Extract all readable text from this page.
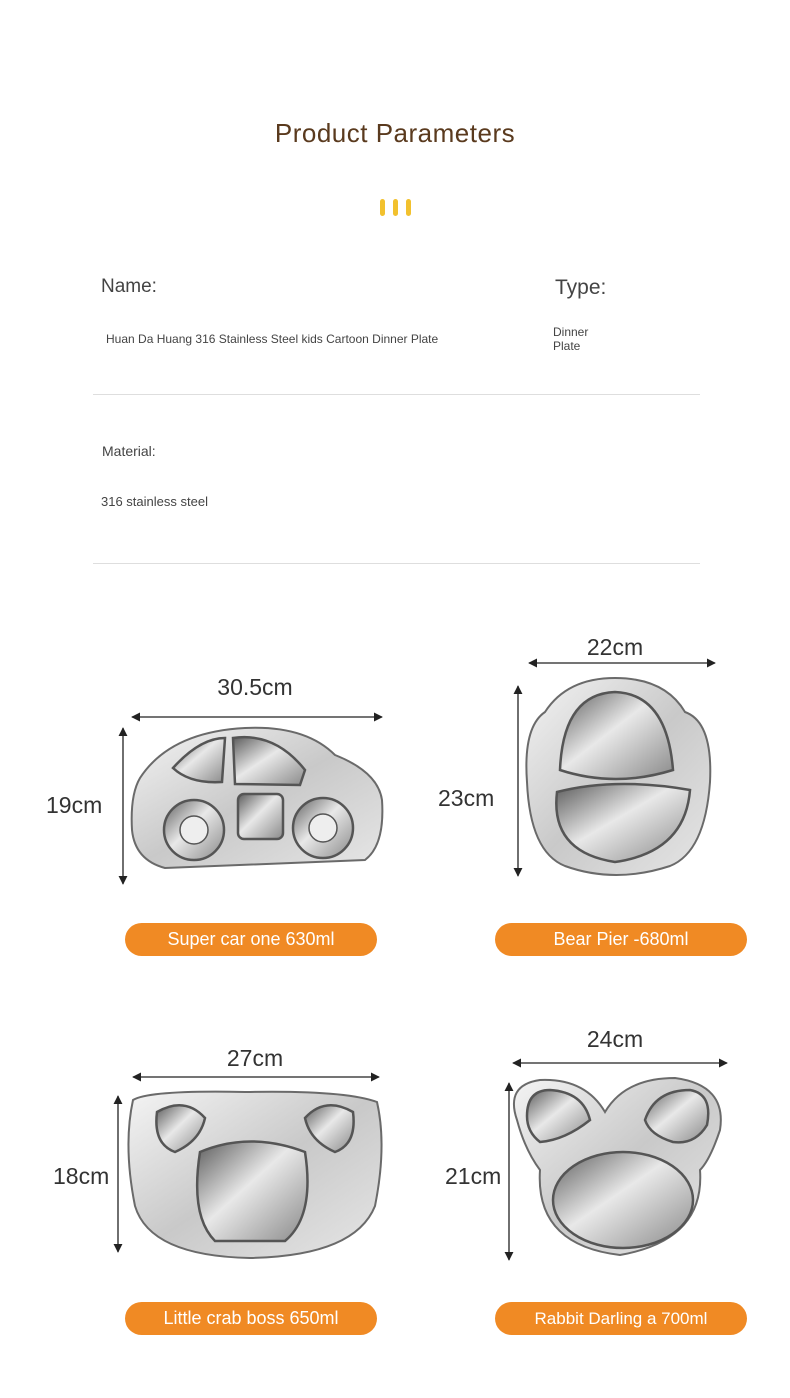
Product Parameters
Name:
Huan Da Huang 316 Stainless Steel kids Cartoon Dinner Plate
Type:
Dinner
Plate
Material:
316 stainless steel
30.5cm
19cm
Super car one 630ml
22cm
23cm
Bear Pier -680ml
27cm
18cm
Little crab boss 650ml
24cm
21cm
Rabbit Darling a 700ml
